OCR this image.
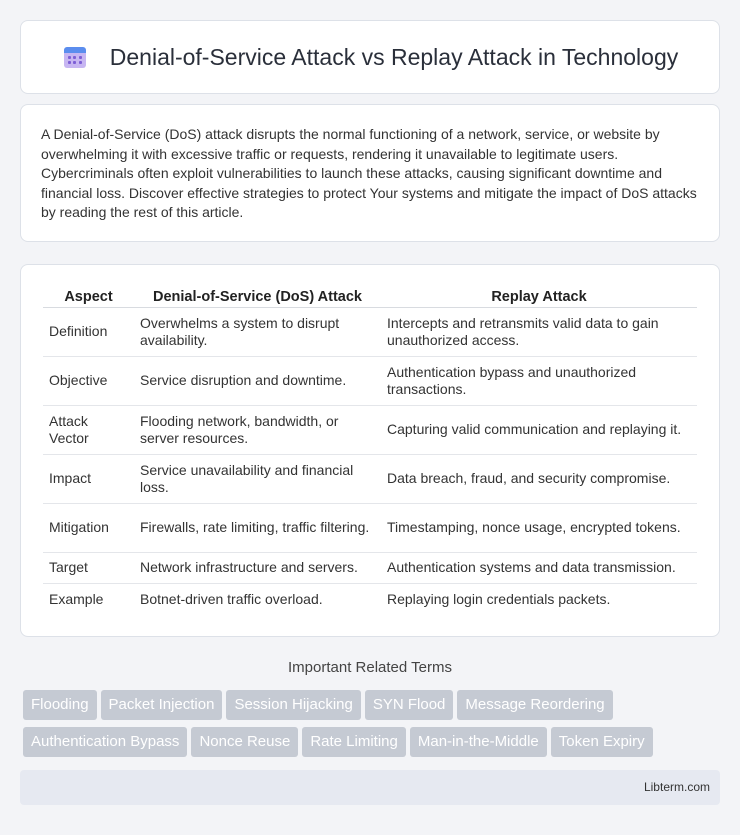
Denial-of-Service Attack vs Replay Attack in Technology

A Denial-of-Service (DoS) attack disrupts the normal functioning of a network, service, or website by overwhelming it with excessive traffic or requests, rendering it unavailable to legitimate users. Cybercriminals often exploit vulnerabilities to launch these attacks, causing significant downtime and financial loss. Discover effective strategies to protect Your systems and mitigate the impact of DoS attacks by reading the rest of this article.

Aspect	Denial-of-Service (DoS) Attack	Replay Attack
Definition	Overwhelms a system to disrupt availability.	Intercepts and retransmits valid data to gain unauthorized access.
Objective	Service disruption and downtime.	Authentication bypass and unauthorized transactions.
Attack Vector	Flooding network, bandwidth, or server resources.	Capturing valid communication and replaying it.
Impact	Service unavailability and financial loss.	Data breach, fraud, and security compromise.
Mitigation	Firewalls, rate limiting, traffic filtering.	Timestamping, nonce usage, encrypted tokens.
Target	Network infrastructure and servers.	Authentication systems and data transmission.
Example	Botnet-driven traffic overload.	Replaying login credentials packets.
Important Related Terms
Flooding Packet Injection Session Hijacking SYN Flood Message Reordering
Authentication Bypass Nonce Reuse Rate Limiting Man-in-the-Middle Token Expiry
Libterm.com
